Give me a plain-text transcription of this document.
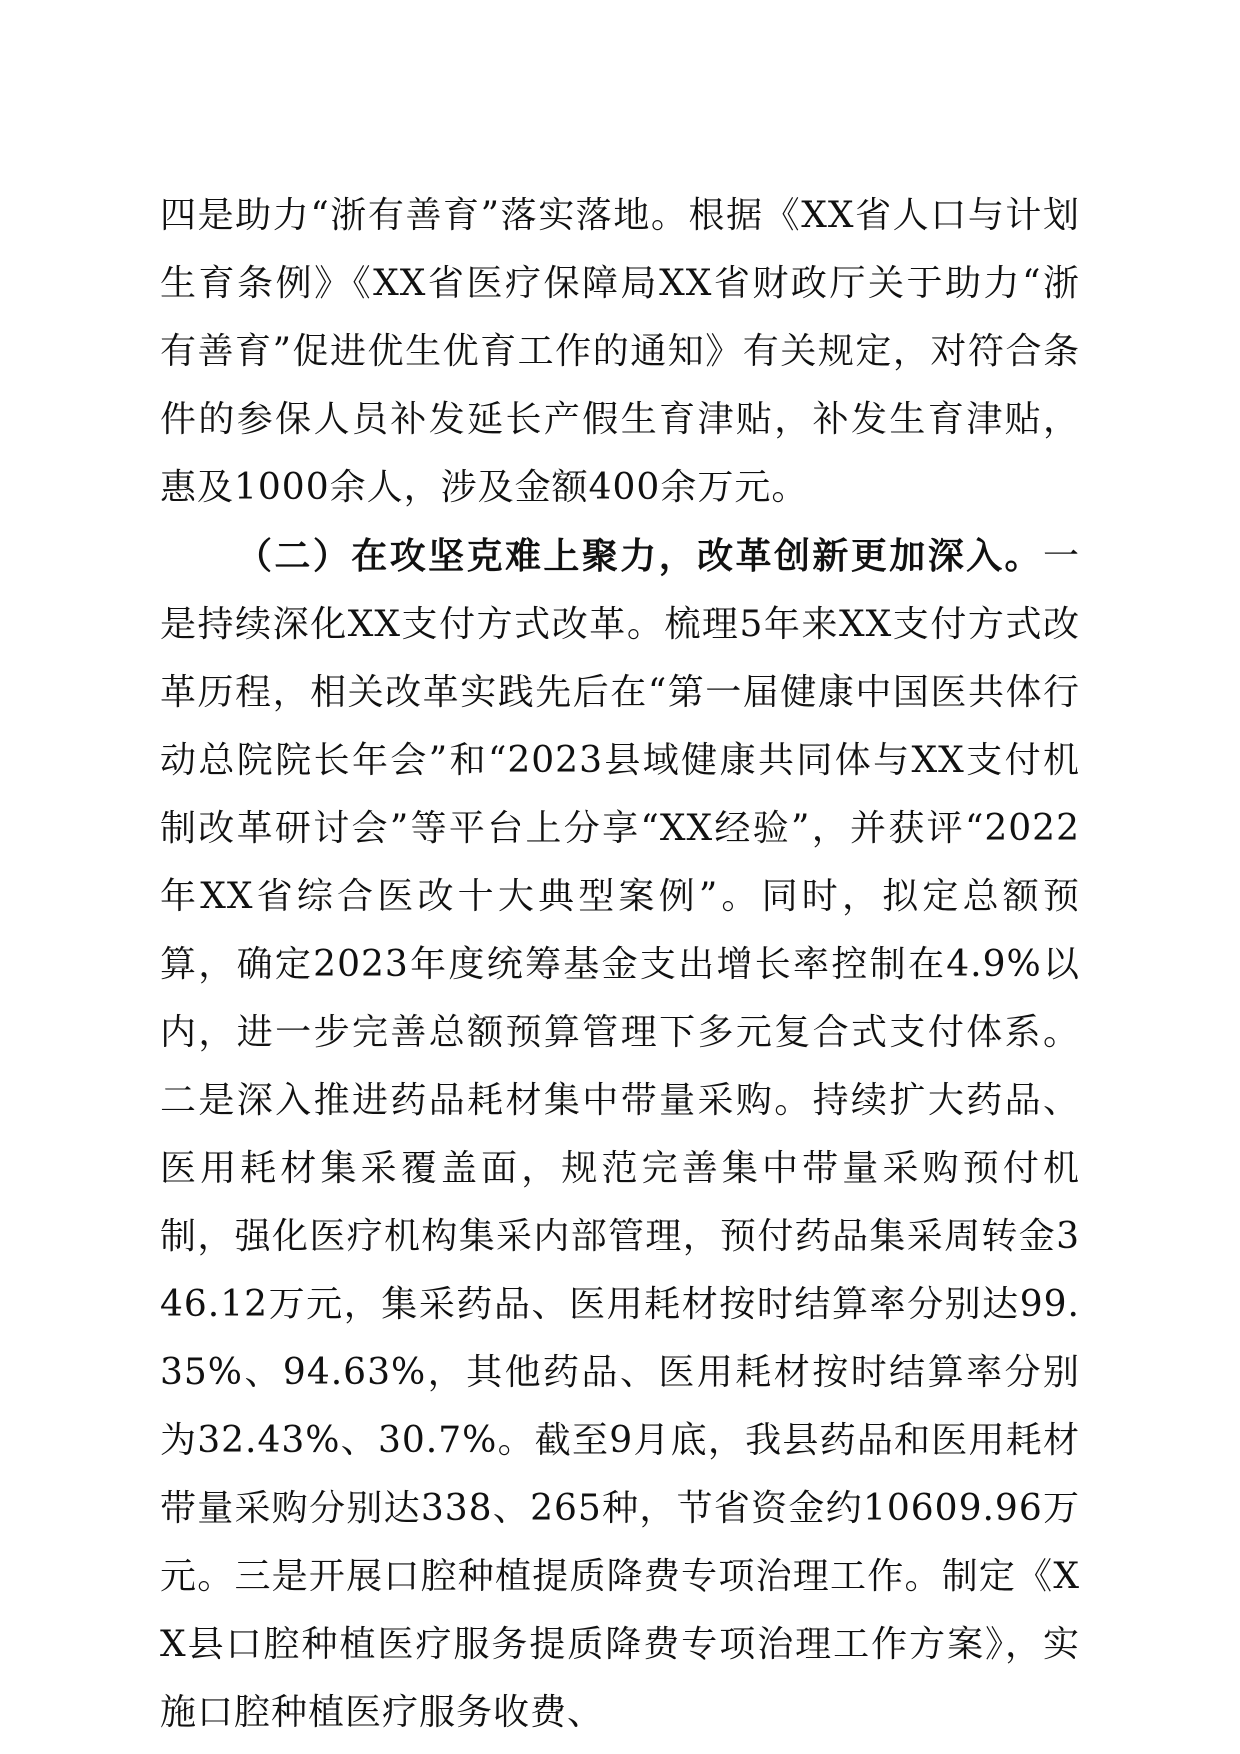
四是助力“浙有善育”落实落地。根据《XX省人口与计划生育条例》《XX省医疗保障局XX省财政厅关于助力“浙有善育”促进优生优育工作的通知》有关规定，对符合条件的参保人员补发延长产假生育津贴，补发生育津贴，惠及1000余人，涉及金额400余万元。

（二）在攻坚克难上聚力，改革创新更加深入。一是持续深化XX支付方式改革。梳理5年来XX支付方式改革历程，相关改革实践先后在“第一届健康中国医共体行动总院院长年会”和“2023县域健康共同体与XX支付机制改革研讨会”等平台上分享“XX经验”，并获评“2022年XX省综合医改十大典型案例”。同时，拟定总额预算，确定2023年度统筹基金支出增长率控制在4.9%以内，进一步完善总额预算管理下多元复合式支付体系。二是深入推进药品耗材集中带量采购。持续扩大药品、医用耗材集采覆盖面，规范完善集中带量采购预付机制，强化医疗机构集采内部管理，预付药品集采周转金346.12万元，集采药品、医用耗材按时结算率分别达99.35%、94.63%，其他药品、医用耗材按时结算率分别为32.43%、30.7%。截至9月底，我县药品和医用耗材带量采购分别达338、265种，节省资金约10609.96万元。三是开展口腔种植提质降费专项治理工作。制定《XX县口腔种植医疗服务提质降费专项治理工作方案》，实施口腔种植医疗服务收费、
